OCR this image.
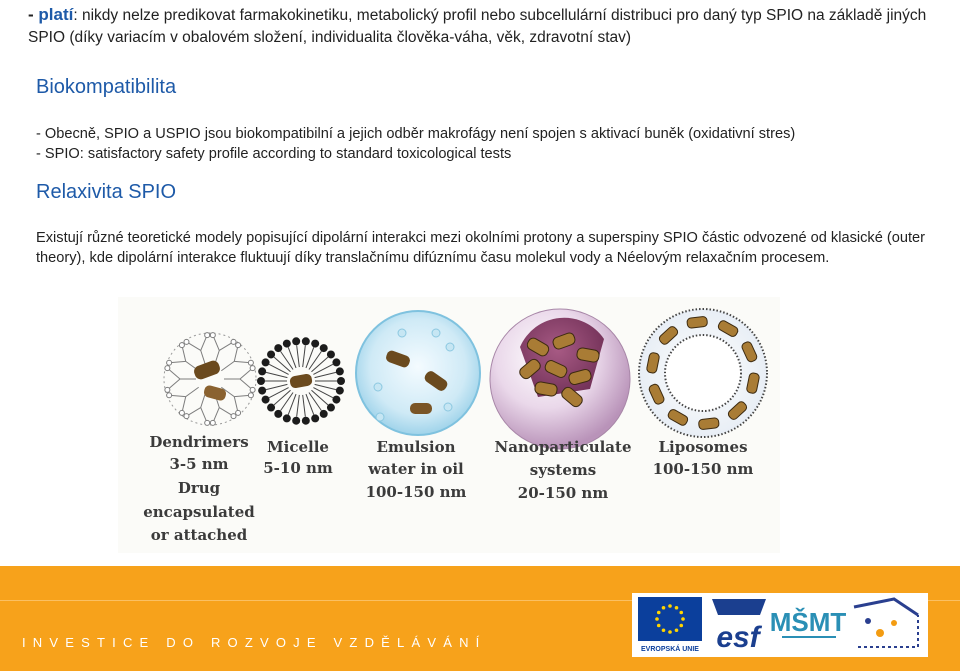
- platí: nikdy nelze predikovat farmakokinetiku, metabolický profil nebo subcellulární distribuci pro daný typ SPIO na základě jiných SPIO (díky variacím v obalovém složení, individualita člověka-váha, věk, zdravotní stav)
Biokompatibilita
- Obecně, SPIO a USPIO jsou biokompatibilní a jejich odběr makrofágy není spojen s aktivací buněk (oxidativní stres)
- SPIO: satisfactory safety profile according to standard toxicological tests
Relaxivita SPIO
Existují různé teoretické modely popisující dipolární interakci mezi okolními protony a superspiny SPIO částic odvozené od klasické (outer theory), kde dipolární interakce fluktuují díky translačnímu difúznímu času molekul vody a Néelovým relaxačním procesem.
Dendrimers
3-5 nm
Drug
encapsulated
or attached
Micelle
5-10 nm
Emulsion
water in oil
100-150 nm
Nanoparticulate
systems
20-150 nm
Liposomes
100-150 nm
INVESTICE DO ROZVOJE VZDĚLÁVÁNÍ	EVROPSKÁ UNIE esf MŠMT
